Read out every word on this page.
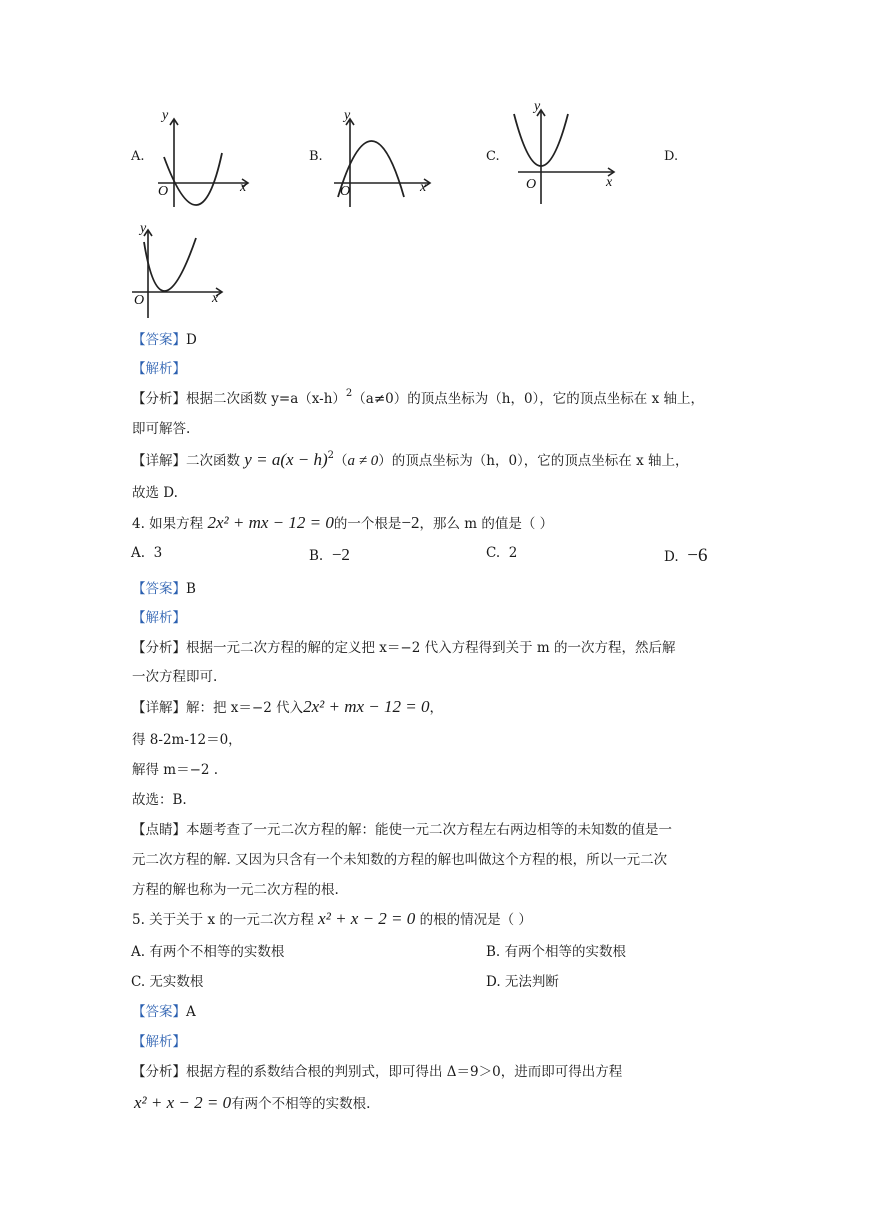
A.
y
x
O
B.
y
x
O
C.
y
x
O
D.
y
x
O
【答案】D
【解析】
【分析】根据二次函数 $y=a(x-h)^2(a\ne 0)$的顶点坐标为（h，0），它的顶点坐标在 x 轴上，
即可解答.
【详解】二次函数 $y = a(x - h)^2(a \ne 0)$的顶点坐标为（h，0），它的顶点坐标在 x 轴上，
故选 D.
4. 如果方程 2x² + mx − 12 = 0的一个根是−2，那么 m 的值是（ ）
A. 3	B. −2	C. 2	D. −6
【答案】B
【解析】
【分析】根据一元二次方程的解的定义把 x＝−2 代入方程得到关于 m 的一次方程，然后解
一次方程即可.
【详解】解：把 x＝−2 代入2x² + mx − 12 = 0，
得 8-2m-12＝0，
解得 m＝−2 .
故选：B.
【点睛】本题考查了一元二次方程的解：能使一元二次方程左右两边相等的未知数的值是一
元二次方程的解. 又因为只含有一个未知数的方程的解也叫做这个方程的根，所以一元二次
方程的解也称为一元二次方程的根.
5. 关于关于 x 的一元二次方程 x² + x − 2 = 0 的根的情况是（ ）
A. 有两个不相等的实数根	B. 有两个相等的实数根
C. 无实数根	D. 无法判断
【答案】A
【解析】
【分析】根据方程的系数结合根的判别式，即可得出 Δ＝9＞0，进而即可得出方程
x² + x − 2 = 0有两个不相等的实数根.
